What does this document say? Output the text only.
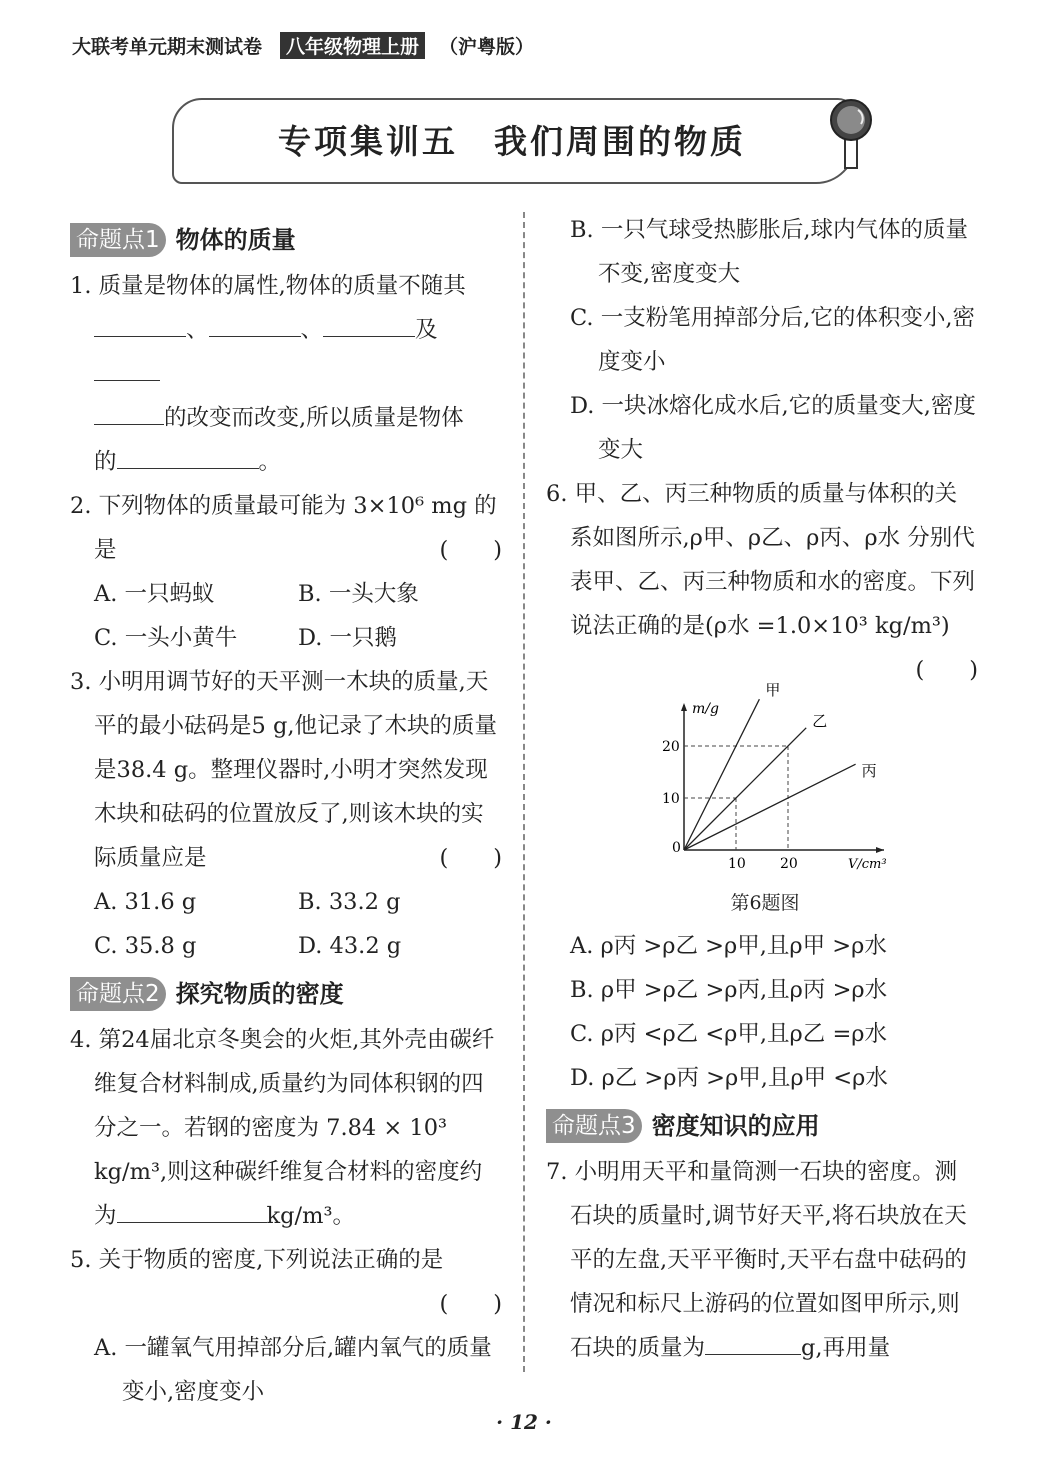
大联考单元期末测试卷 八年级物理上册 （沪粤版）
专项集训五　我们周围的物质
命题点1 物体的质量
1. 质量是物体的属性,物体的质量不随其
、	、	及
的改变而改变,所以质量是物体
的	。
2. 下列物体的质量最可能为 3×10⁶ mg 的是	(　　)
A. 一只蚂蚁	B. 一头大象
C. 一头小黄牛	D. 一只鹅
3. 小明用调节好的天平测一木块的质量,天平的最小砝码是5 g,他记录了木块的质量是38.4 g。整理仪器时,小明才突然发现木块和砝码的位置放反了,则该木块的实际质量应是	(　　)
A. 31.6 g	B. 33.2 g
C. 35.8 g	D. 43.2 g
命题点2 探究物质的密度
4. 第24届北京冬奥会的火炬,其外壳由碳纤维复合材料制成,质量约为同体积钢的四分之一。若钢的密度为 7.84 × 10³ kg/m³,则这种碳纤维复合材料的密度约为	kg/m³。
5. 关于物质的密度,下列说法正确的是
(　　)
A. 一罐氧气用掉部分后,罐内氧气的质量变小,密度变小
B. 一只气球受热膨胀后,球内气体的质量不变,密度变大
C. 一支粉笔用掉部分后,它的体积变小,密度变小
D. 一块冰熔化成水后,它的质量变大,密度变大
6. 甲、乙、丙三种物质的质量与体积的关系如图所示,ρ甲、ρ乙、ρ丙、ρ水 分别代表甲、乙、丙三种物质和水的密度。下列说法正确的是(ρ水 =1.0×10³ kg/m³)
(　　)
A. ρ丙 >ρ乙 >ρ甲,且ρ甲 >ρ水
B. ρ甲 >ρ乙 >ρ丙,且ρ丙 >ρ水
C. ρ丙 <ρ乙 <ρ甲,且ρ乙 =ρ水
D. ρ乙 >ρ丙 >ρ甲,且ρ甲 <ρ水
命题点3 密度知识的应用
7. 小明用天平和量筒测一石块的密度。测石块的质量时,调节好天平,将石块放在天平的左盘,天平平衡时,天平右盘中砝码的情况和标尺上游码的位置如图甲所示,则石块的质量为	g,再用量
m/g
V/cm³
0
10 20
10
20
甲
乙
丙
第6题图
· 12 ·
